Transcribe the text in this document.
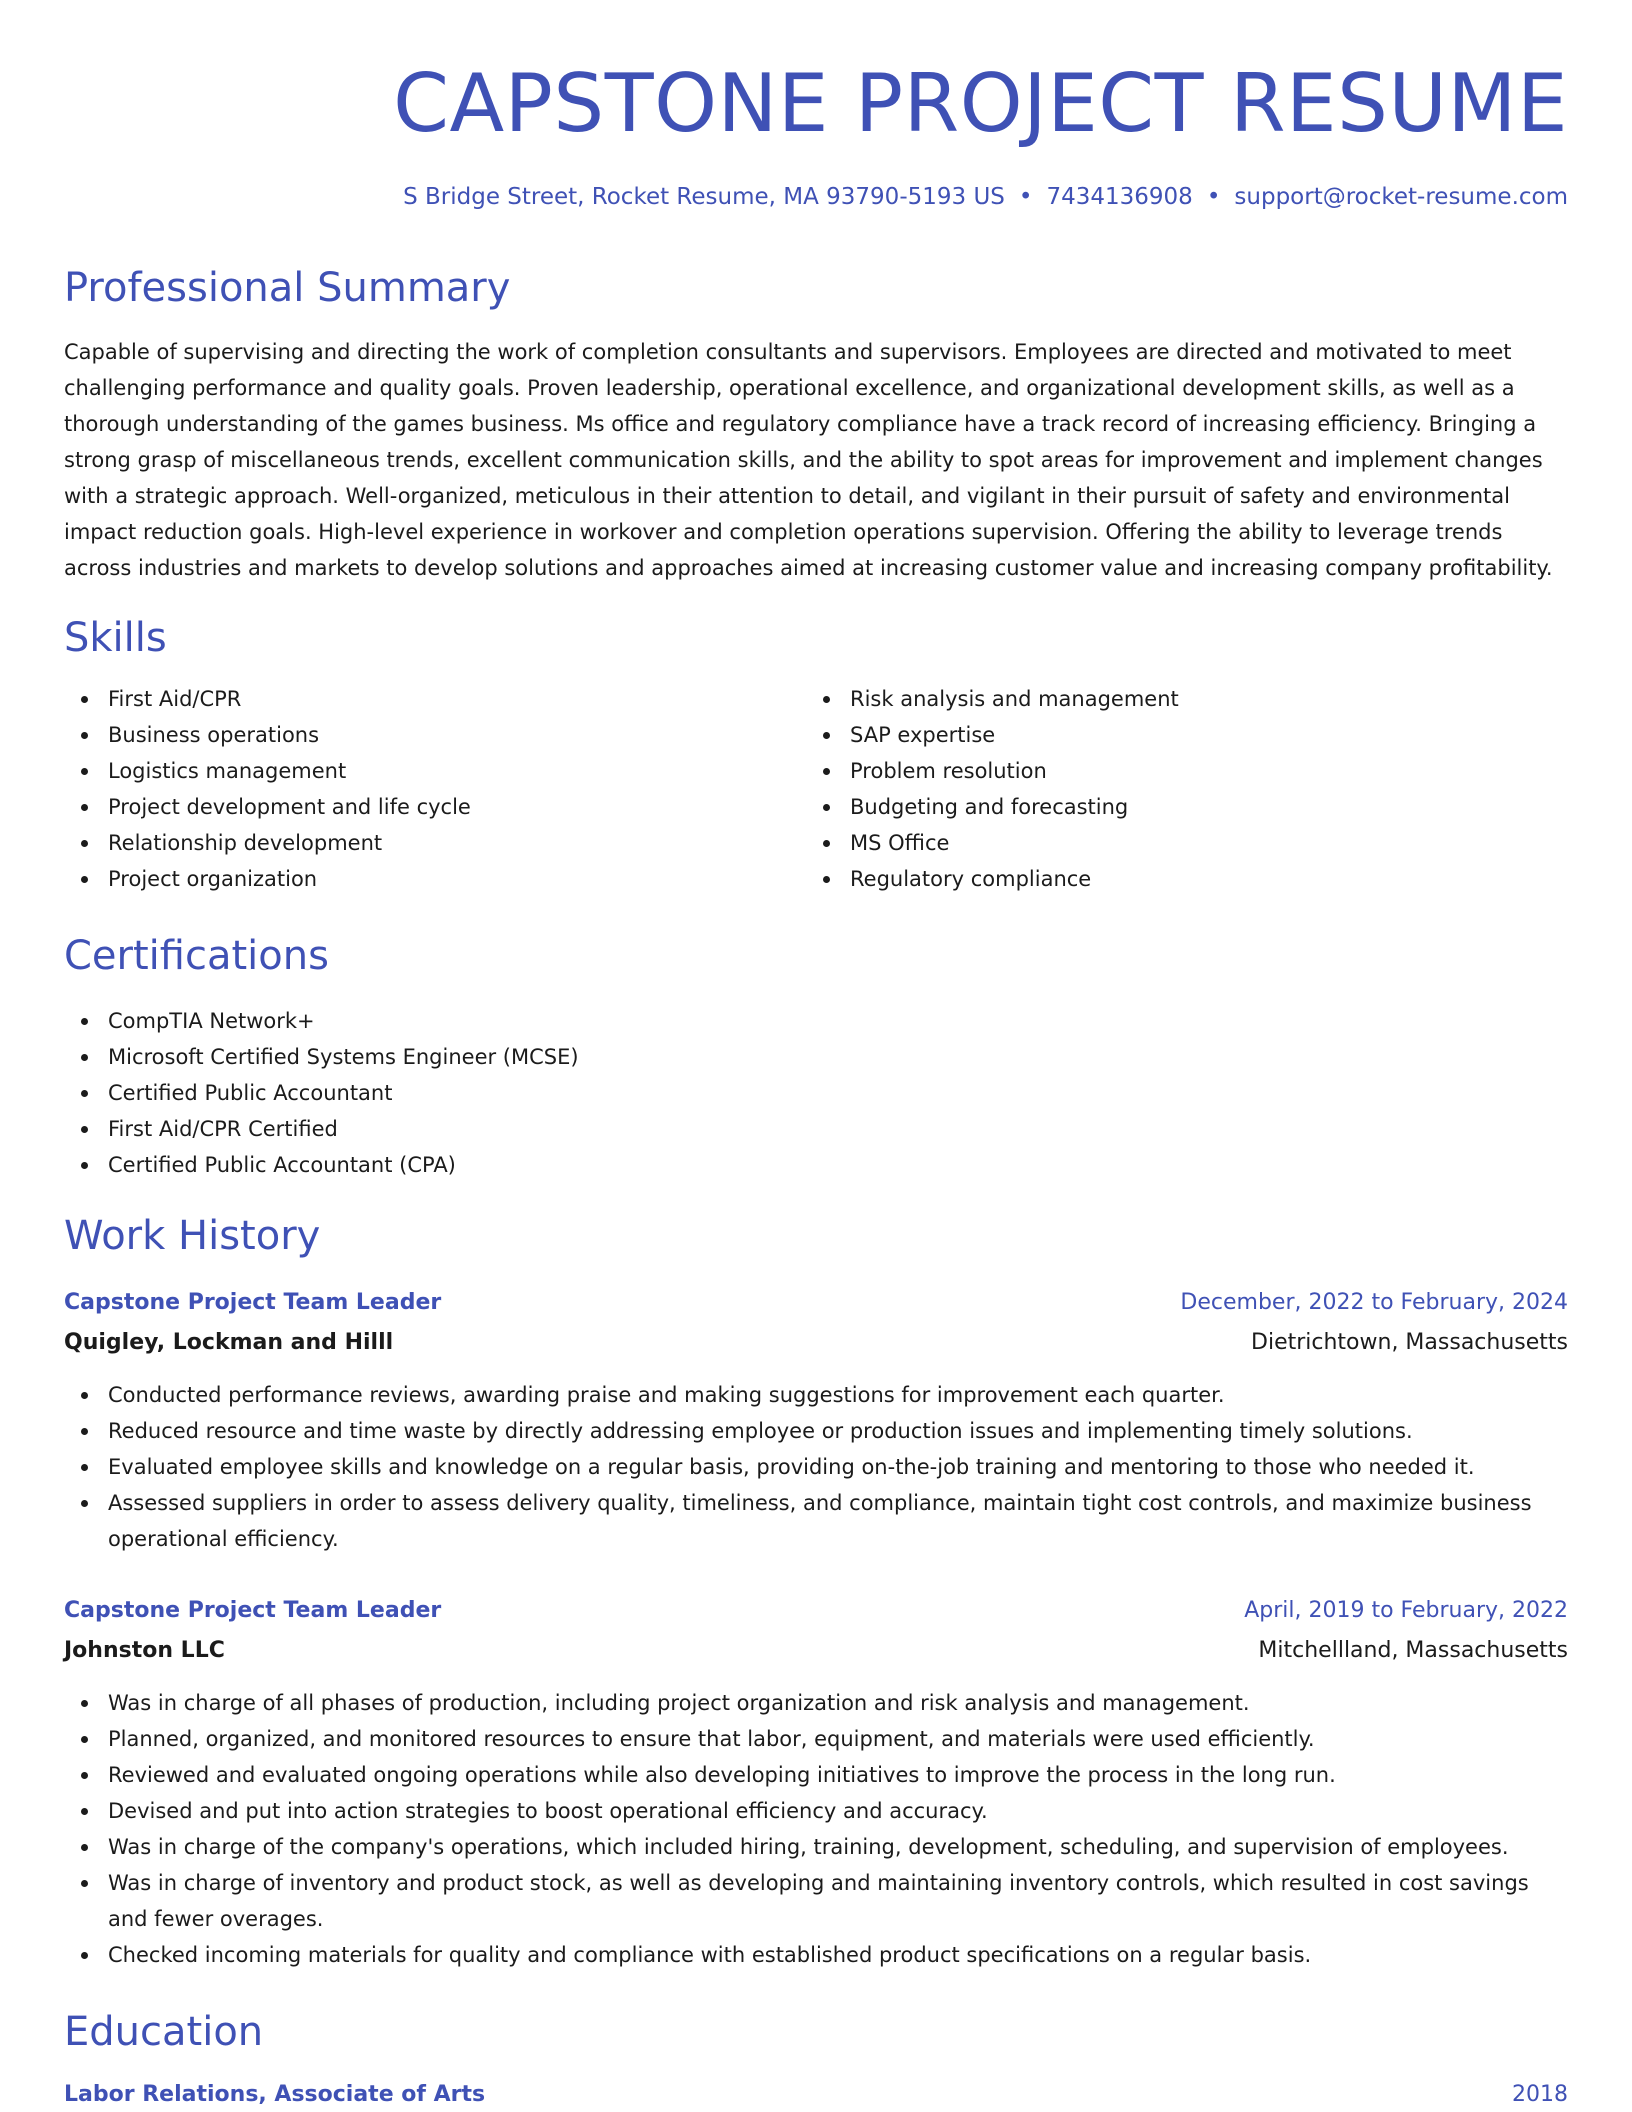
CAPSTONE PROJECT RESUME
S Bridge Street, Rocket Resume, MA 93790-5193 US • 7434136908 • support@rocket-resume.com
Professional Summary

Capable of supervising and directing the work of completion consultants and supervisors. Employees are directed and motivated to meet challenging performance and quality goals. Proven leadership, operational excellence, and organizational development skills, as well as a thorough understanding of the games business. Ms office and regulatory compliance have a track record of increasing efficiency. Bringing a strong grasp of miscellaneous trends, excellent communication skills, and the ability to spot areas for improvement and implement changes with a strategic approach. Well-organized, meticulous in their attention to detail, and vigilant in their pursuit of safety and environmental impact reduction goals. High-level experience in workover and completion operations supervision. Offering the ability to leverage trends across industries and markets to develop solutions and approaches aimed at increasing customer value and increasing company profitability.

Skills
First Aid/CPR
Business operations
Logistics management
Project development and life cycle
Relationship development
Project organization
Risk analysis and management
SAP expertise
Problem resolution
Budgeting and forecasting
MS Office
Regulatory compliance
Certifications
CompTIA Network+
Microsoft Certified Systems Engineer (MCSE)
Certified Public Accountant
First Aid/CPR Certified
Certified Public Accountant (CPA)
Work History
Capstone Project Team Leader	December, 2022 to February, 2024
Quigley, Lockman and Hilll	Dietrichtown, Massachusetts
Conducted performance reviews, awarding praise and making suggestions for improvement each quarter.
Reduced resource and time waste by directly addressing employee or production issues and implementing timely solutions.
Evaluated employee skills and knowledge on a regular basis, providing on-the-job training and mentoring to those who needed it.
Assessed suppliers in order to assess delivery quality, timeliness, and compliance, maintain tight cost controls, and maximize business operational efficiency.
Capstone Project Team Leader	April, 2019 to February, 2022
Johnston LLC	Mitchellland, Massachusetts
Was in charge of all phases of production, including project organization and risk analysis and management.
Planned, organized, and monitored resources to ensure that labor, equipment, and materials were used efficiently.
Reviewed and evaluated ongoing operations while also developing initiatives to improve the process in the long run.
Devised and put into action strategies to boost operational efficiency and accuracy.
Was in charge of the company's operations, which included hiring, training, development, scheduling, and supervision of employees.
Was in charge of inventory and product stock, as well as developing and maintaining inventory controls, which resulted in cost savings and fewer overages.
Checked incoming materials for quality and compliance with established product specifications on a regular basis.
Education
Labor Relations, Associate of Arts	2018
